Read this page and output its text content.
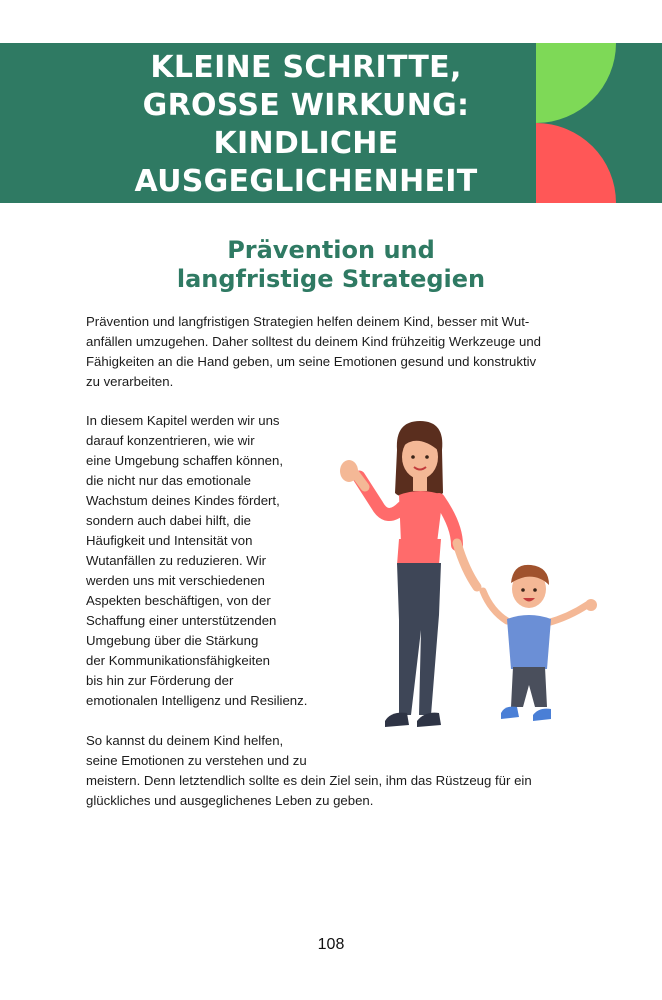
KLEINE SCHRITTE,
GROSSE WIRKUNG:
KINDLICHE
AUSGEGLICHENHEIT
Prävention und
langfristige Strategien
Prävention und langfristigen Strategien helfen deinem Kind, besser mit Wut-
anfällen umzugehen. Daher solltest du deinem Kind frühzeitig Werkzeuge und
Fähigkeiten an die Hand geben, um seine Emotionen gesund und konstruktiv
zu verarbeiten.
In diesem Kapitel werden wir uns
darauf konzentrieren, wie wir
eine Umgebung schaffen können,
die nicht nur das emotionale
Wachstum deines Kindes fördert,
sondern auch dabei hilft, die
Häufigkeit und Intensität von
Wutanfällen zu reduzieren. Wir
werden uns mit verschiedenen
Aspekten beschäftigen, von der
Schaffung einer unterstützenden
Umgebung über die Stärkung
der Kommunikationsfähigkeiten
bis hin zur Förderung der
emotionalen Intelligenz und Resilienz.
So kannst du deinem Kind helfen,
seine Emotionen zu verstehen und zu
meistern. Denn letztendlich sollte es dein Ziel sein, ihm das Rüstzeug für ein
glückliches und ausgeglichenes Leben zu geben.
108
